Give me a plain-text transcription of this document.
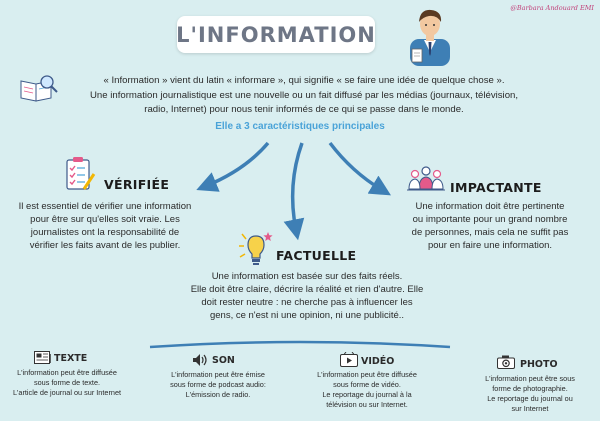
@Barbara Andouard EMI
L'INFORMATION
« Information » vient du latin « informare », qui signifie « se faire une idée de quelque chose ».
Une information journalistique est une nouvelle ou un fait diffusé par les médias (journaux, télévision,
radio, Internet) pour nous tenir informés de ce qui se passe dans le monde.
Elle a 3 caractéristiques principales
VÉRIFIÉE
Il est essentiel de vérifier une information
pour être sur qu'elles soit vraie. Les
journalistes ont la responsabilité de
vérifier les faits avant de les publier.
IMPACTANTE
Une information doit être pertinente
ou importante pour un grand nombre
de personnes, mais cela ne suffit pas
pour en faire une information.
FACTUELLE
Une information est basée sur des faits réels.
Elle doit être claire, décrire la réalité et rien d'autre. Elle
doit rester neutre : ne cherche pas à influencer les
gens, ce n'est ni une opinion, ni une publicité..
TEXTE
L'information peut être diffusée
sous forme de texte.
L'article de journal ou sur Internet
SON
L'information peut être émise
sous forme de podcast audio:
L'émission de radio.
VIDÉO
L'information peut être diffusée
sous forme de vidéo.
Le reportage du journal à la
télévision ou sur Internet.
PHOTO
L'information peut être sous
forme de photographie.
Le reportage du journal ou
sur Internet
